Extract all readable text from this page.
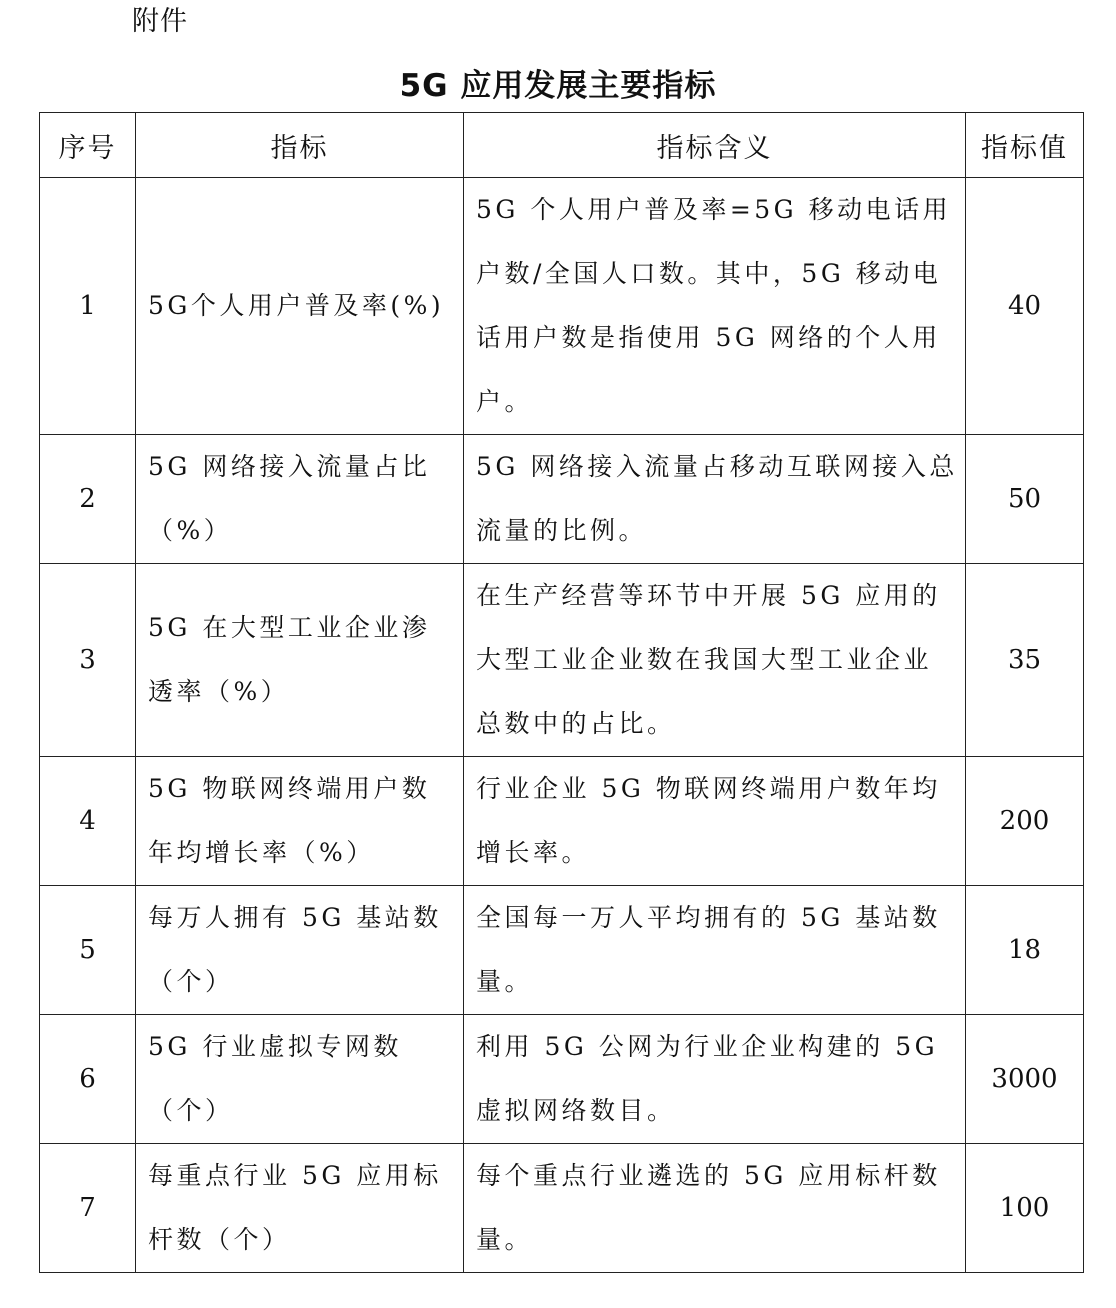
附件
5G 应用发展主要指标
序号	指标	指标含义	指标值
1	5G个人用户普及率(%)	5G 个人用户普及率=5G 移动电话用户数/全国人口数。其中，5G 移动电话用户数是指使用 5G 网络的个人用户。	40
2	5G 网络接入流量占比（%）	5G 网络接入流量占移动互联网接入总流量的比例。	50
3	5G 在大型工业企业渗透率（%）	在生产经营等环节中开展 5G 应用的大型工业企业数在我国大型工业企业总数中的占比。	35
4	5G 物联网终端用户数年均增长率（%）	行业企业 5G 物联网终端用户数年均增长率。	200
5	每万人拥有 5G 基站数（个）	全国每一万人平均拥有的 5G 基站数量。	18
6	5G 行业虚拟专网数（个）	利用 5G 公网为行业企业构建的 5G 虚拟网络数目。	3000
7	每重点行业 5G 应用标杆数（个）	每个重点行业遴选的 5G 应用标杆数量。	100
